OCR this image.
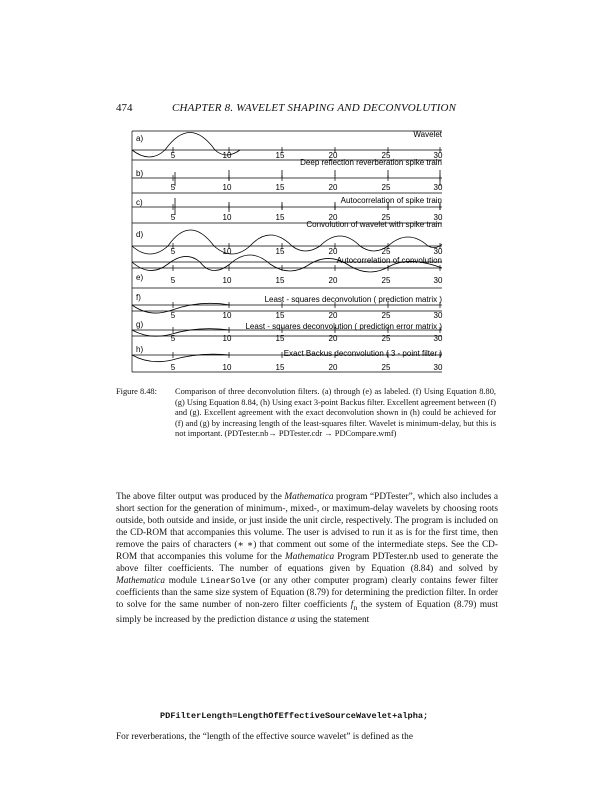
474	CHAPTER 8. WAVELET SHAPING AND DECONVOLUTION
5	10	15	20	25	30
a)	Wavelet
5	10	15	20	25	30
b)
Deep reflection reverberation spike train
5	10	15	20	25	30
c)	Autocorrelation of spike train
5	10	15	20	25	30
d)
Convolution of wavelet with spike train
Autocorrelation of convolution
5	10	15	20	25	30
e)
5	10	15	20	25	30
f)	Least - squares deconvolution ( prediction matrix )
5	10	15	20	25	30
g)	Least - squares deconvolution ( prediction error matrix )
5	10	15	20	25	30
h)	Exact Backus deconvolution ( 3 - point filter )
Figure 8.48: Comparison of three deconvolution filters. (a) through (e) as labeled. (f) Using Equation 8.80, (g) Using Equation 8.84, (h) Using exact 3-point Backus filter. Excellent agreement between (f) and (g). Excellent agreement with the exact deconvolution shown in (h) could be achieved for (f) and (g) by increasing length of the least-squares filter. Wavelet is minimum-delay, but this is not important. (PDTester.nb→ PDTester.cdr → PDCompare.wmf)
The above filter output was produced by the Mathematica program “PDTester”, which also includes a short section for the generation of minimum-, mixed-, or maximum-delay wavelets by choosing roots outside, both outside and inside, or just inside the unit circle, respectively. The program is included on the CD-ROM that accompanies this volume. The user is advised to run it as is for the first time, then remove the pairs of characters (∗ ∗) that comment out some of the intermediate steps. See the CD-ROM that accompanies this volume for the Mathematica Program PDTester.nb used to generate the above filter coefficients. The number of equations given by Equation (8.84) and solved by Mathematica module LinearSolve (or any other computer program) clearly contains fewer filter coefficients than the same size system of Equation (8.79) for determining the prediction filter. In order to solve for the same number of non-zero filter coefficients $f_n$ the system of Equation (8.79) must simply be increased by the prediction distance α using the statement
PDFilterLength=LengthOfEffectiveSourceWavelet+alpha;
For reverberations, the “length of the effective source wavelet” is defined as the
